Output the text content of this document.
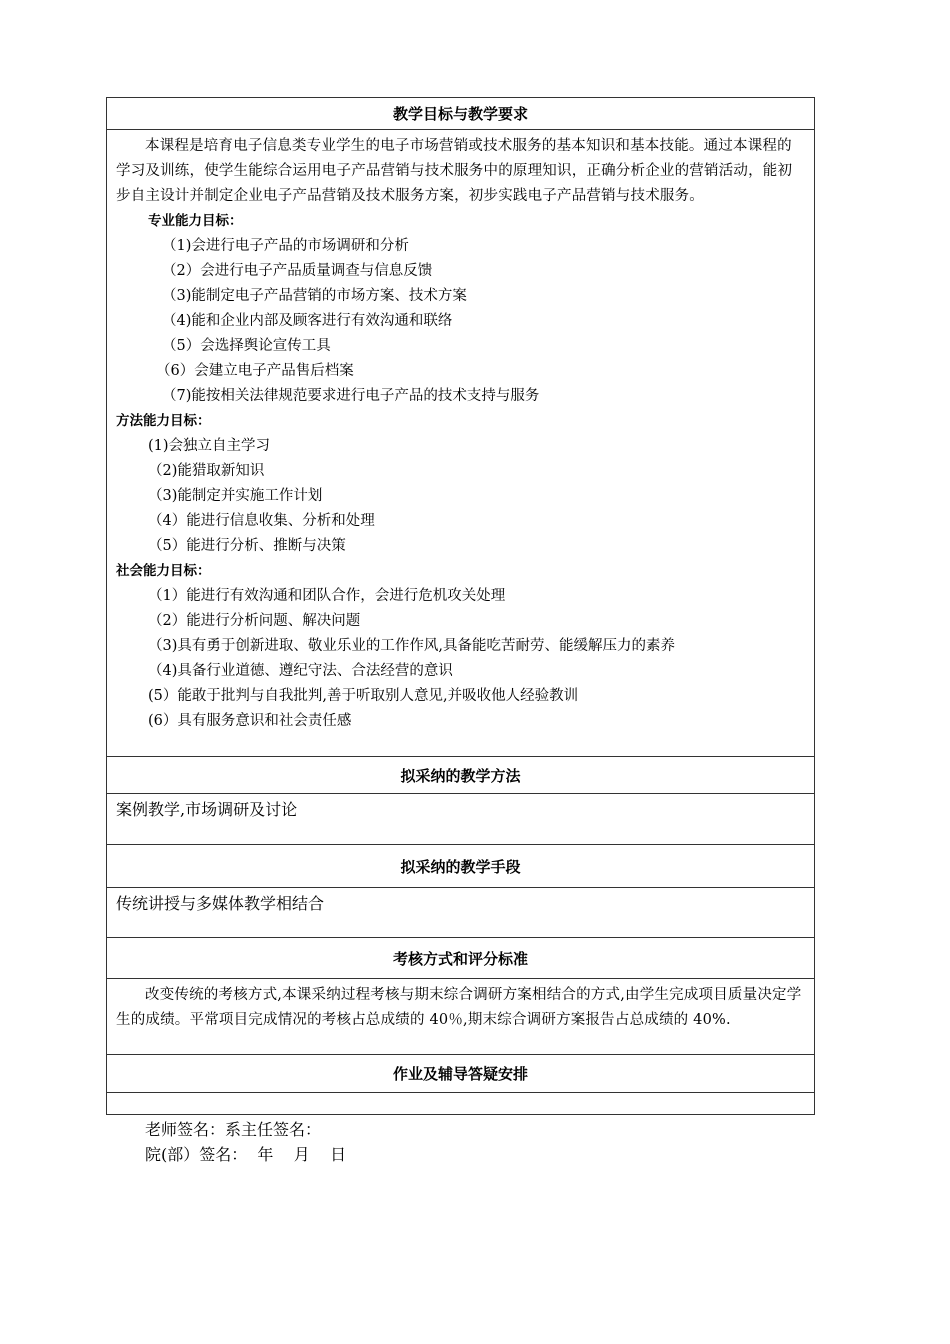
教学目标与教学要求

本课程是培育电子信息类专业学生的电子市场营销或技术服务的基本知识和基本技能。通过本课程的学习及训练，使学生能综合运用电子产品营销与技术服务中的原理知识，正确分析企业的营销活动，能初步自主设计并制定企业电子产品营销及技术服务方案，初步实践电子产品营销与技术服务。

专业能力目标：
（1)会进行电子产品的市场调研和分析
（2）会进行电子产品质量调查与信息反馈
（3)能制定电子产品营销的市场方案、技术方案
（4)能和企业内部及顾客进行有效沟通和联络
（5）会选择舆论宣传工具
（6）会建立电子产品售后档案
（7)能按相关法律规范要求进行电子产品的技术支持与服务
方法能力目标：
(1)会独立自主学习
（2)能猎取新知识
（3)能制定并实施工作计划
（4）能进行信息收集、分析和处理
（5）能进行分析、推断与决策
社会能力目标：
（1）能进行有效沟通和团队合作，会进行危机攻关处理
（2）能进行分析问题、解决问题
（3)具有勇于创新进取、敬业乐业的工作作风,具备能吃苦耐劳、能缓解压力的素养
（4)具备行业道德、遵纪守法、合法经营的意识
(5）能敢于批判与自我批判,善于听取别人意见,并吸收他人经验教训
(6）具有服务意识和社会责任感
拟采纳的教学方法
案例教学,市场调研及讨论
拟采纳的教学手段
传统讲授与多媒体教学相结合
考核方式和评分标准

改变传统的考核方式,本课采纳过程考核与期末综合调研方案相结合的方式,由学生完成项目质量决定学生的成绩。平常项目完成情况的考核占总成绩的 40％,期末综合调研方案报告占总成绩的 40%.

作业及辅导答疑安排
老师签名：系主任签名：
院(部）签名：  年    月    日
